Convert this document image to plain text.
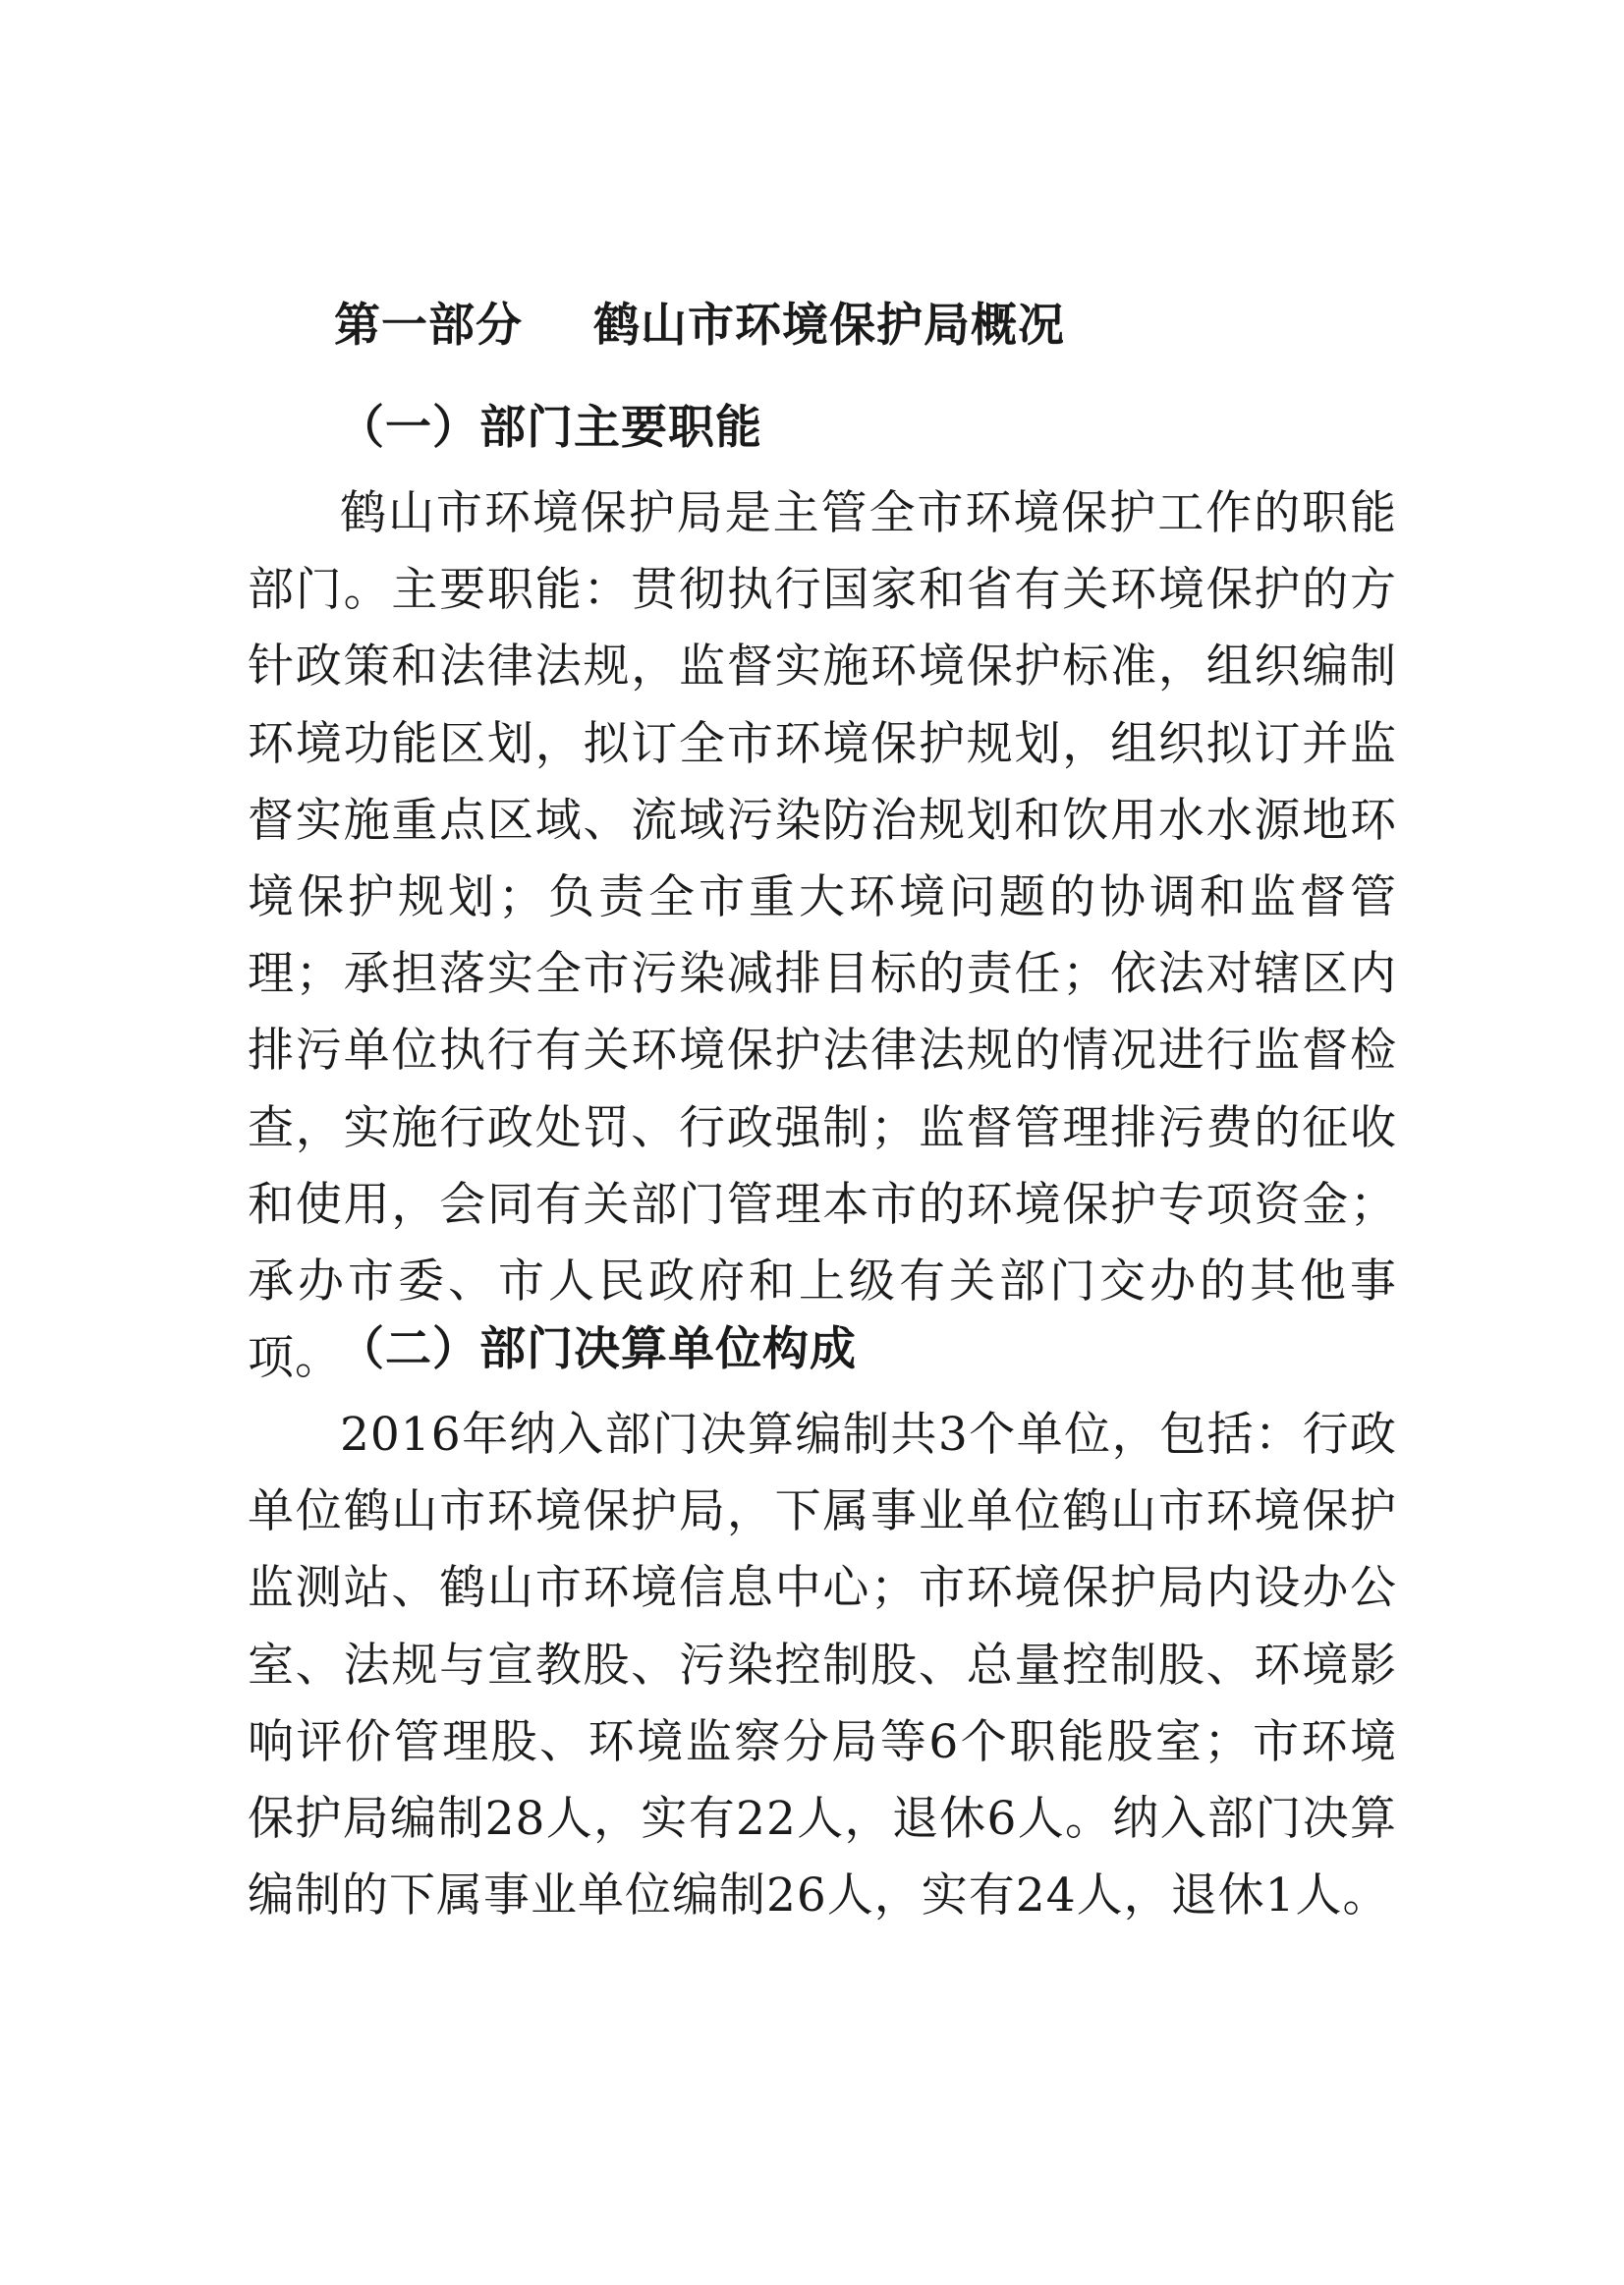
第一部分 鹤山市环境保护局概况
（一）部门主要职能
鹤山市环境保护局是主管全市环境保护工作的职能部门。主要职能：贯彻执行国家和省有关环境保护的方针政策和法律法规，监督实施环境保护标准，组织编制环境功能区划，拟订全市环境保护规划，组织拟订并监督实施重点区域、流域污染防治规划和饮用水水源地环境保护规划；负责全市重大环境问题的协调和监督管理；承担落实全市污染减排目标的责任；依法对辖区内排污单位执行有关环境保护法律法规的情况进行监督检查，实施行政处罚、行政强制；监督管理排污费的征收和使用，会同有关部门管理本市的环境保护专项资金；承办市委、市人民政府和上级有关部门交办的其他事项。
（二）部门决算单位构成
2016年纳入部门决算编制共3个单位，包括：行政单位鹤山市环境保护局，下属事业单位鹤山市环境保护监测站、鹤山市环境信息中心；市环境保护局内设办公室、法规与宣教股、污染控制股、总量控制股、环境影响评价管理股、环境监察分局等6个职能股室；市环境保护局编制28人，实有22人，退休6人。纳入部门决算编制的下属事业单位编制26人，实有24人，退休1人。
